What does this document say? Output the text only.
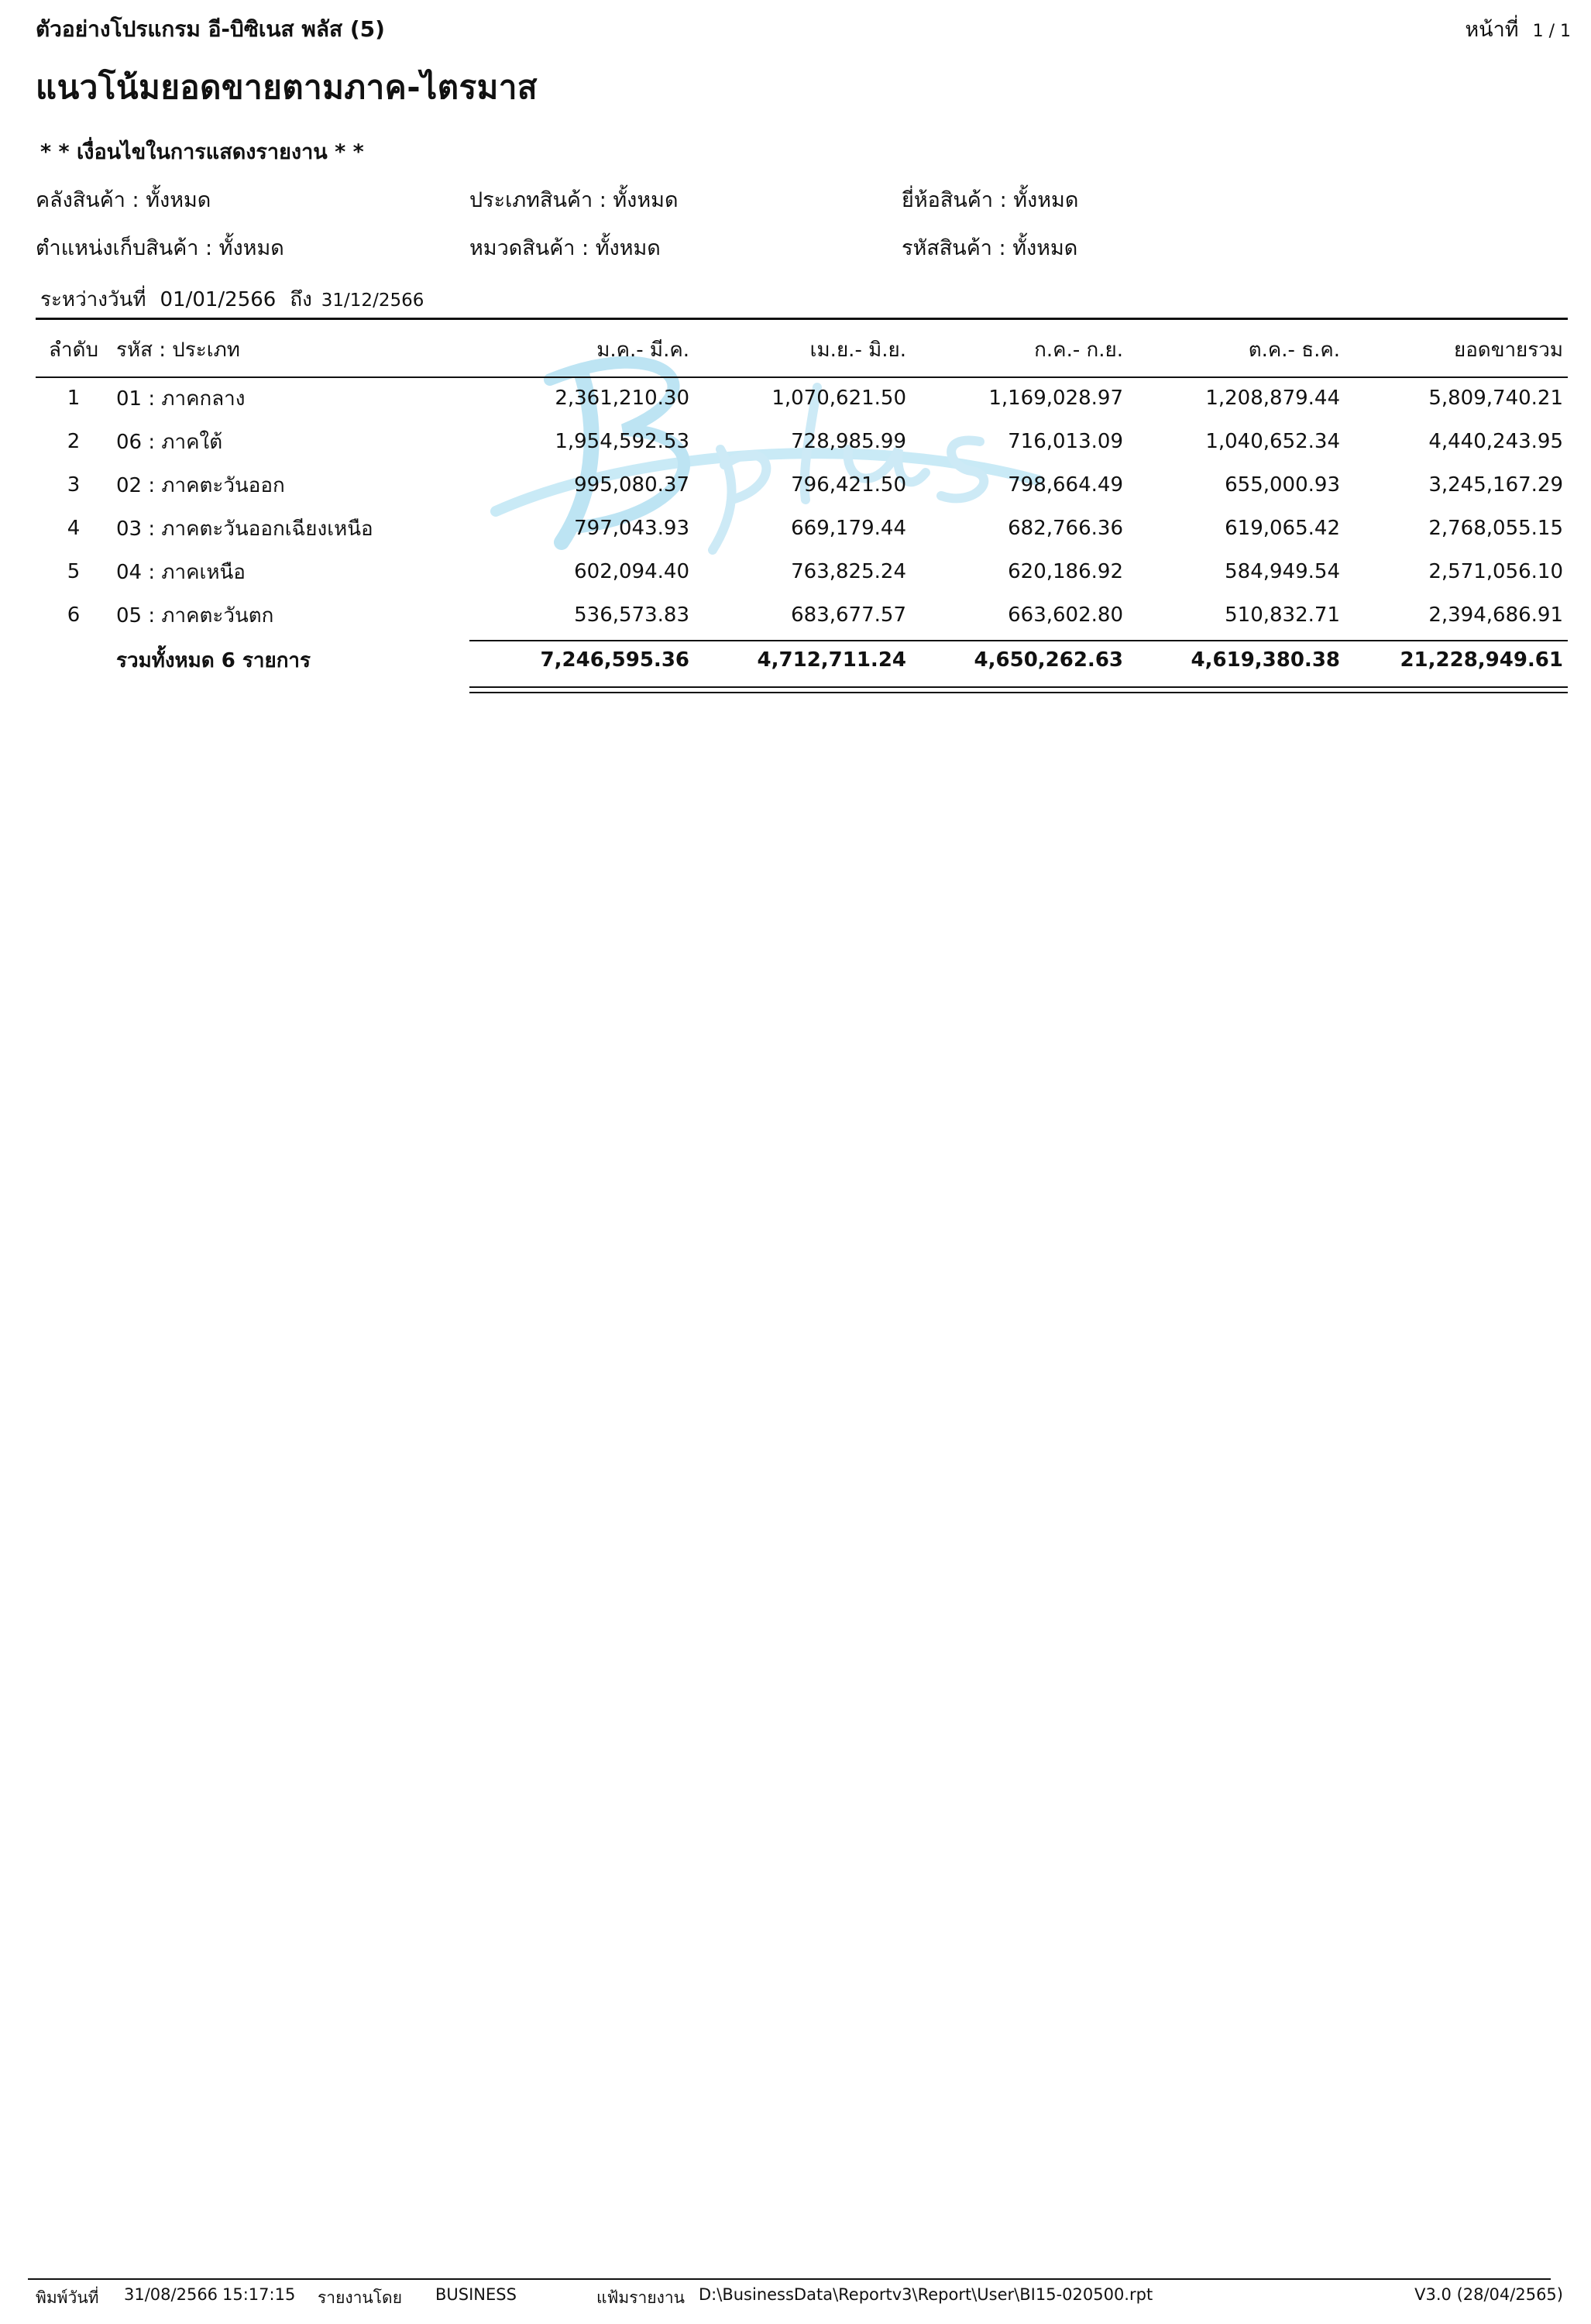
ตัวอย่างโปรแกรม อี-บิซิเนส พลัส (5)	หน้าที่ 1 / 1
แนวโน้มยอดขายตามภาค-ไตรมาส
* * เงื่อนไขในการแสดงรายงาน * *
คลังสินค้า : ทั้งหมด	ประเภทสินค้า : ทั้งหมด	ยี่ห้อสินค้า : ทั้งหมด
ตำแหน่งเก็บสินค้า : ทั้งหมด	หมวดสินค้า : ทั้งหมด	รหัสสินค้า : ทั้งหมด
ระหว่างวันที่ 01/01/2566 ถึง 31/12/2566
ลำดับ	รหัส : ประเภท	ม.ค.- มี.ค.	เม.ย.- มิ.ย.	ก.ค.- ก.ย.	ต.ค.- ธ.ค.	ยอดขายรวม
1	01 : ภาคกลาง	2,361,210.30	1,070,621.50	1,169,028.97	1,208,879.44	5,809,740.21
2	06 : ภาคใต้	1,954,592.53	728,985.99	716,013.09	1,040,652.34	4,440,243.95
3	02 : ภาคตะวันออก	995,080.37	796,421.50	798,664.49	655,000.93	3,245,167.29
4	03 : ภาคตะวันออกเฉียงเหนือ	797,043.93	669,179.44	682,766.36	619,065.42	2,768,055.15
5	04 : ภาคเหนือ	602,094.40	763,825.24	620,186.92	584,949.54	2,571,056.10
6	05 : ภาคตะวันตก	536,573.83	683,677.57	663,602.80	510,832.71	2,394,686.91
	รวมทั้งหมด 6 รายการ	7,246,595.36	4,712,711.24	4,650,262.63	4,619,380.38	21,228,949.61
พิมพ์วันที่ 31/08/2566 15:17:15 รายงานโดย BUSINESS	แฟ้มรายงาน D:\BusinessData\Reportv3\Report\User\BI15-020500.rpt	V3.0 (28/04/2565)
